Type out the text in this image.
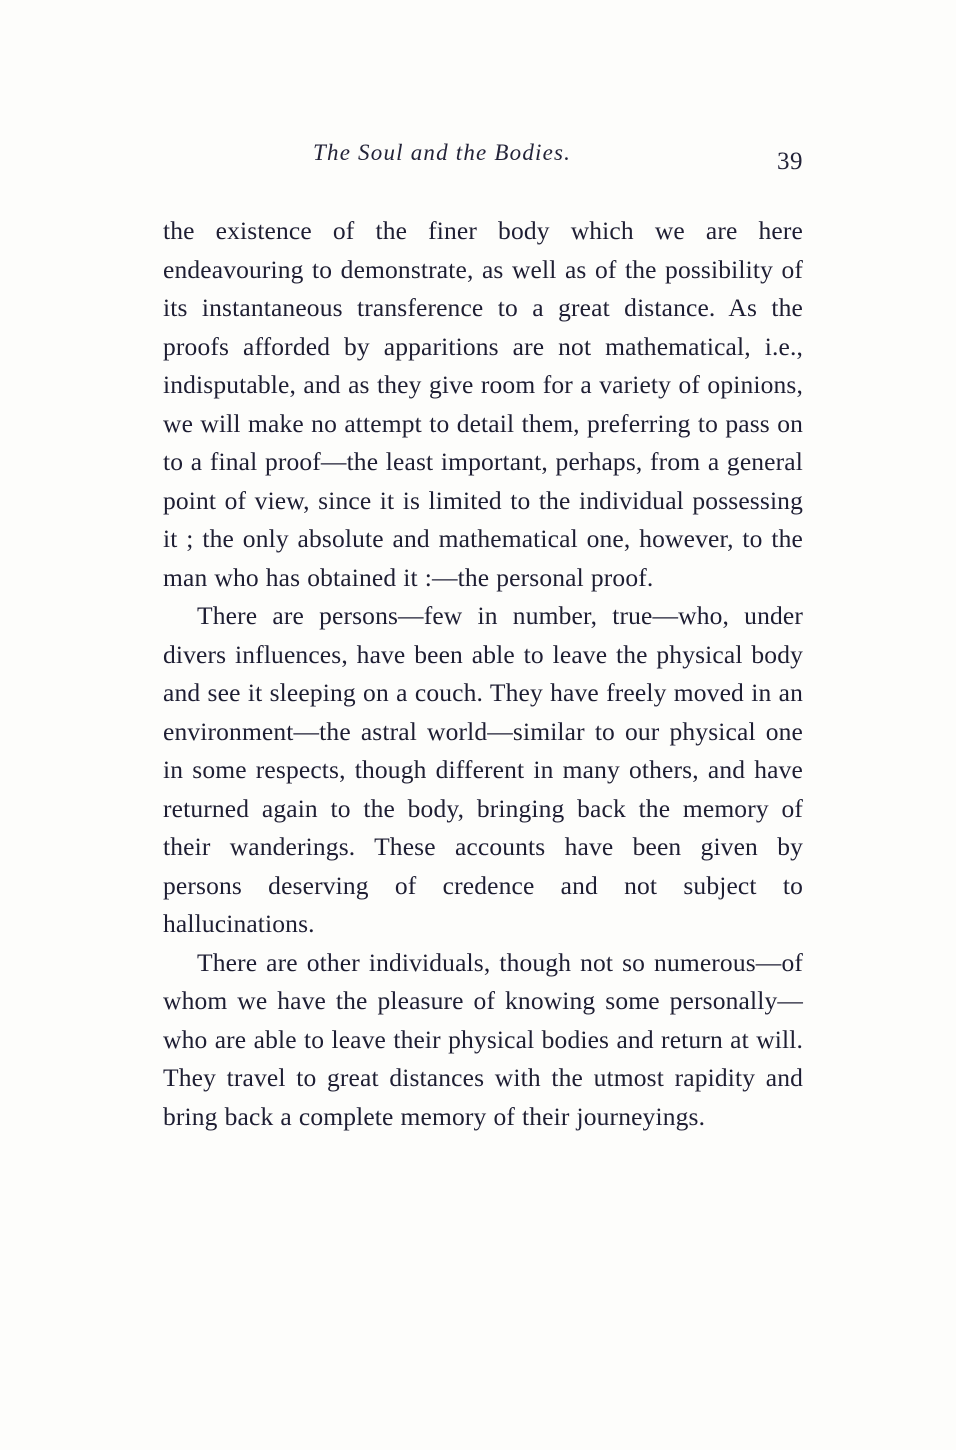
The Soul and the Bodies.	39

the existence of the finer body which we are here endeavouring to demonstrate, as well as of the possibility of its instantaneous transference to a great distance. As the proofs afforded by apparitions are not mathematical, i.e., indisputable, and as they give room for a variety of opinions, we will make no attempt to detail them, preferring to pass on to a final proof—the least important, perhaps, from a general point of view, since it is limited to the individual possessing it ; the only absolute and mathematical one, however, to the man who has obtained it :—the personal proof.

There are persons—few in number, true—who, under divers influences, have been able to leave the physical body and see it sleeping on a couch. They have freely moved in an environment—the astral world—similar to our physical one in some respects, though different in many others, and have returned again to the body, bringing back the memory of their wanderings. These accounts have been given by persons deserving of credence and not subject to hallucinations.

There are other individuals, though not so numerous—of whom we have the pleasure of knowing some personally—who are able to leave their physical bodies and return at will. They travel to great distances with the utmost rapidity and bring back a complete memory of their journeyings.
